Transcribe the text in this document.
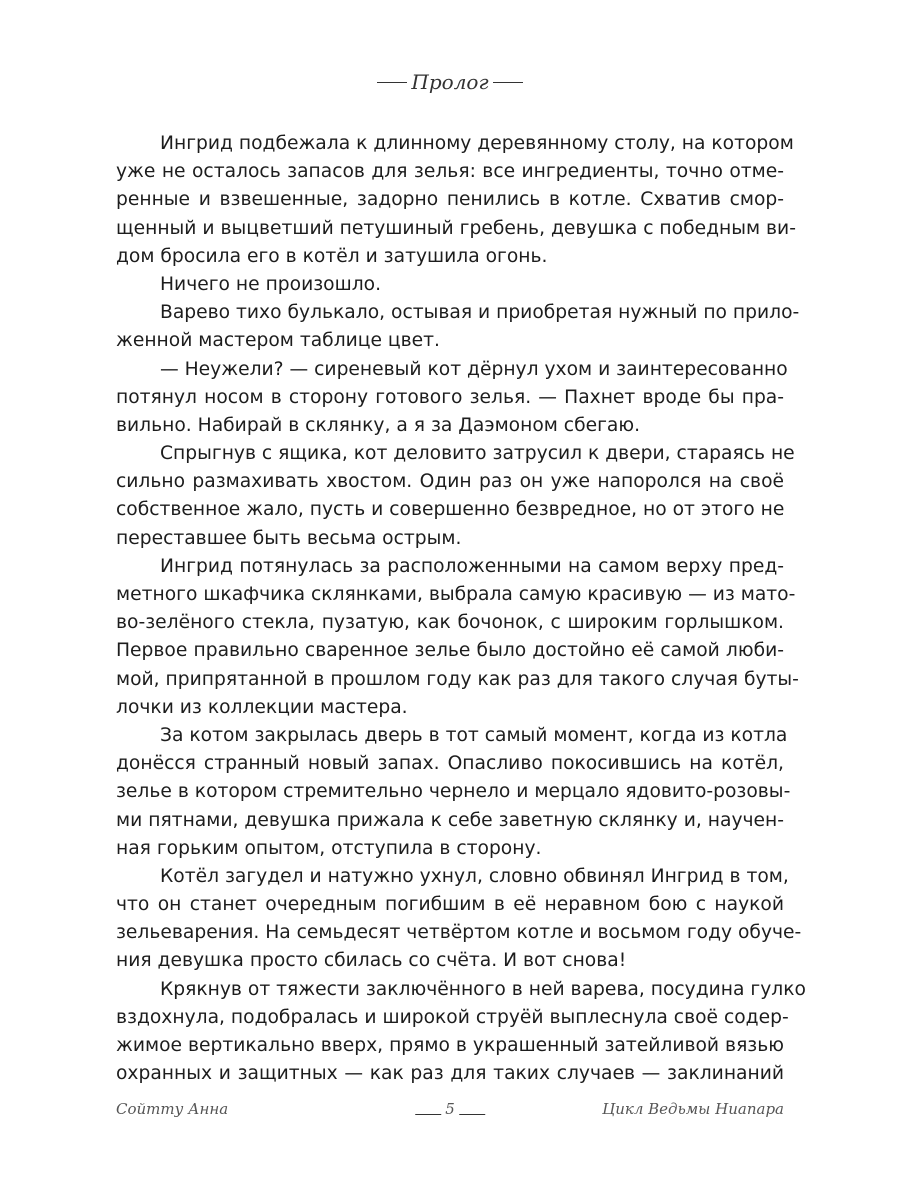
Пролог
Ингрид подбежала к длинному деревянному столу, на котором
уже не осталось запасов для зелья: все ингредиенты, точно отме-
ренные и взвешенные, задорно пенились в котле. Схватив смор-
щенный и выцветший петушиный гребень, девушка с победным ви-
дом бросила его в котёл и затушила огонь.
Ничего не произошло.
Варево тихо булькало, остывая и приобретая нужный по прило-
женной мастером таблице цвет.
— Неужели? — сиреневый кот дёрнул ухом и заинтересованно
потянул носом в сторону готового зелья. — Пахнет вроде бы пра-
вильно. Набирай в склянку, а я за Даэмоном сбегаю.
Спрыгнув с ящика, кот деловито затрусил к двери, стараясь не
сильно размахивать хвостом. Один раз он уже напоролся на своё
собственное жало, пусть и совершенно безвредное, но от этого не
переставшее быть весьма острым.
Ингрид потянулась за расположенными на самом верху пред-
метного шкафчика склянками, выбрала самую красивую — из мато-
во-зелёного стекла, пузатую, как бочонок, с широким горлышком.
Первое правильно сваренное зелье было достойно её самой люби-
мой, припрятанной в прошлом году как раз для такого случая буты-
лочки из коллекции мастера.
За котом закрылась дверь в тот самый момент, когда из котла
донёсся странный новый запах. Опасливо покосившись на котёл,
зелье в котором стремительно чернело и мерцало ядовито-розовы-
ми пятнами, девушка прижала к себе заветную склянку и, научен-
ная горьким опытом, отступила в сторону.
Котёл загудел и натужно ухнул, словно обвинял Ингрид в том,
что он станет очередным погибшим в её неравном бою с наукой
зельеварения. На семьдесят четвёртом котле и восьмом году обуче-
ния девушка просто сбилась со счёта. И вот снова!
Крякнув от тяжести заключённого в ней варева, посудина гулко
вздохнула, подобралась и широкой струёй выплеснула своё содер-
жимое вертикально вверх, прямо в украшенный затейливой вязью
охранных и защитных — как раз для таких случаев — заклинаний
Сойтту Анна	5	Цикл Ведьмы Ниапара
